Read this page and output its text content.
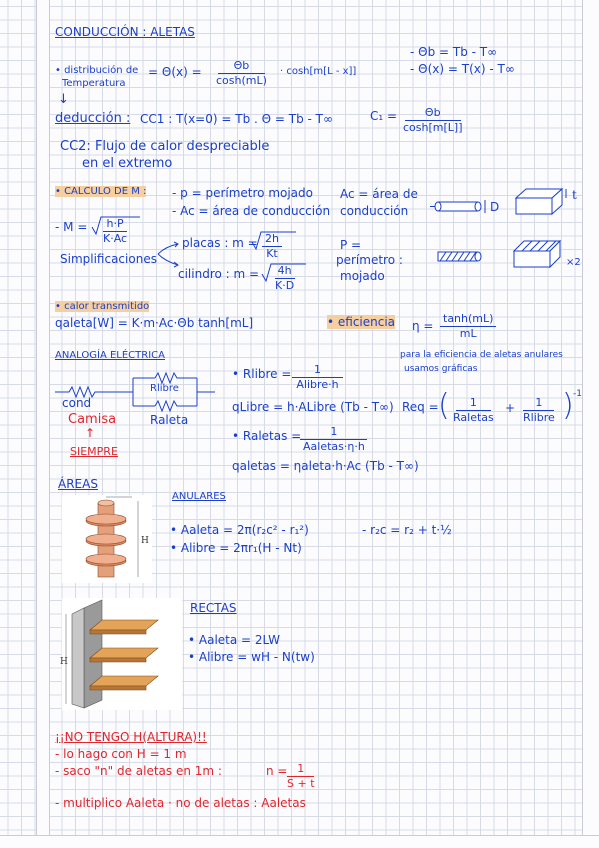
CONDUCCIÓN : ALETAS
- Θb = Tb - T∞
- Θ(x) = T(x) - T∞
• distribución de
Temperatura
= $\Theta(x) = \frac{\Theta b}{\cosh(mL)} \cdot \cosh[m[L - x]]$
↓
deducción : CC1 : T(x=0) = Tb . Θ = Tb - T∞	$C_1 = \frac{\Theta b}{\cosh[m[L]]}$
CC2: Flujo de calor despreciable
en el extremo
• CALCULO DE M : - p = perímetro mojado
- Ac = área de conducción
Ac = área de
conducción
- $M = \frac{h\cdot P}{K\cdot Ac}$
D
t
Simplificaciones
placas : $m = \frac{2h}{Kt}$
cilindro : $m = \frac{4h}{K\cdot D}$
P =
perímetro :
mojado
×2
• calor transmitido
qaleta[W] = K·m·Ac·Θb tanh[mL]	• eficiencia $\eta = \frac{\tanh(mL)}{mL}$
ANALOGÍA ELÉCTRICA	para la eficiencia de aletas anulares
usamos gráficas
Rlibre
cond
Camisa	Raleta
↑
SIEMPRE
• Rlibre =	1
Alibre·h
qLibre = h·ALibre (Tb - T∞) Req = (	1
Raletas
+	1
Rlibre ) -1
• Raletas =	1
Aaletas·η·h
qaletas = ηaleta·h·Ac (Tb - T∞)
ÁREAS
ANULARES
H
• Aaleta = 2π(r₂c² - r₁²)	- r₂c = r₂ + t·½
• Alibre = 2πr₁(H - Nt)
RECTAS
H
• Aaleta = 2LW
• Alibre = wH - N(tw)
¡¡NO TENGO H(ALTURA)!!
- lo hago con H = 1 m
- saco "n" de aletas en 1m :	n =
$\frac{1}{S + t}$
- multiplico Aaleta · no de aletas : Aaletas
